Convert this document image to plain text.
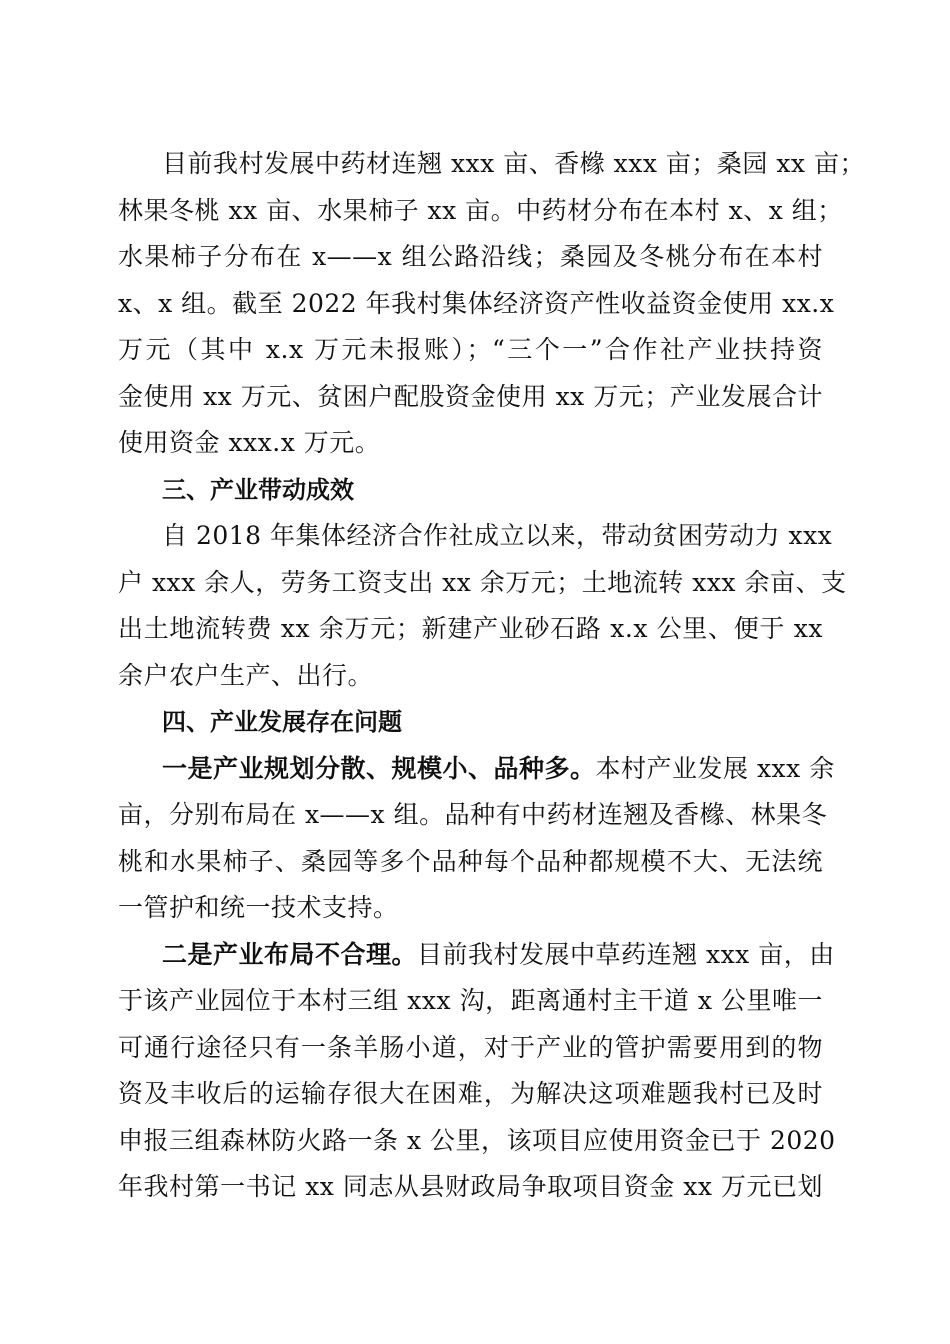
目前我村发展中药材连翘 xxx 亩、香橼 xxx 亩；桑园 xx 亩；
林果冬桃 xx 亩、水果柿子 xx 亩。中药材分布在本村 x、x 组；
水果柿子分布在 x——x 组公路沿线；桑园及冬桃分布在本村
x、x 组。截至 2022 年我村集体经济资产性收益资金使用 xx.x
万元（其中 x.x 万元未报账）；“三个一”合作社产业扶持资
金使用 xx 万元、贫困户配股资金使用 xx 万元；产业发展合计
使用资金 xxx.x 万元。
三、产业带动成效
自 2018 年集体经济合作社成立以来，带动贫困劳动力 xxx
户 xxx 余人，劳务工资支出 xx 余万元；土地流转 xxx 余亩、支
出土地流转费 xx 余万元；新建产业砂石路 x.x 公里、便于 xx
余户农户生产、出行。
四、产业发展存在问题
一是产业规划分散、规模小、品种多。本村产业发展 xxx 余
亩，分别布局在 x——x 组。品种有中药材连翘及香橼、林果冬
桃和水果柿子、桑园等多个品种每个品种都规模不大、无法统
一管护和统一技术支持。
二是产业布局不合理。目前我村发展中草药连翘 xxx 亩，由
于该产业园位于本村三组 xxx 沟，距离通村主干道 x 公里唯一
可通行途径只有一条羊肠小道，对于产业的管护需要用到的物
资及丰收后的运输存很大在困难，为解决这项难题我村已及时
申报三组森林防火路一条 x 公里，该项目应使用资金已于 2020
年我村第一书记 xx 同志从县财政局争取项目资金 xx 万元已划
